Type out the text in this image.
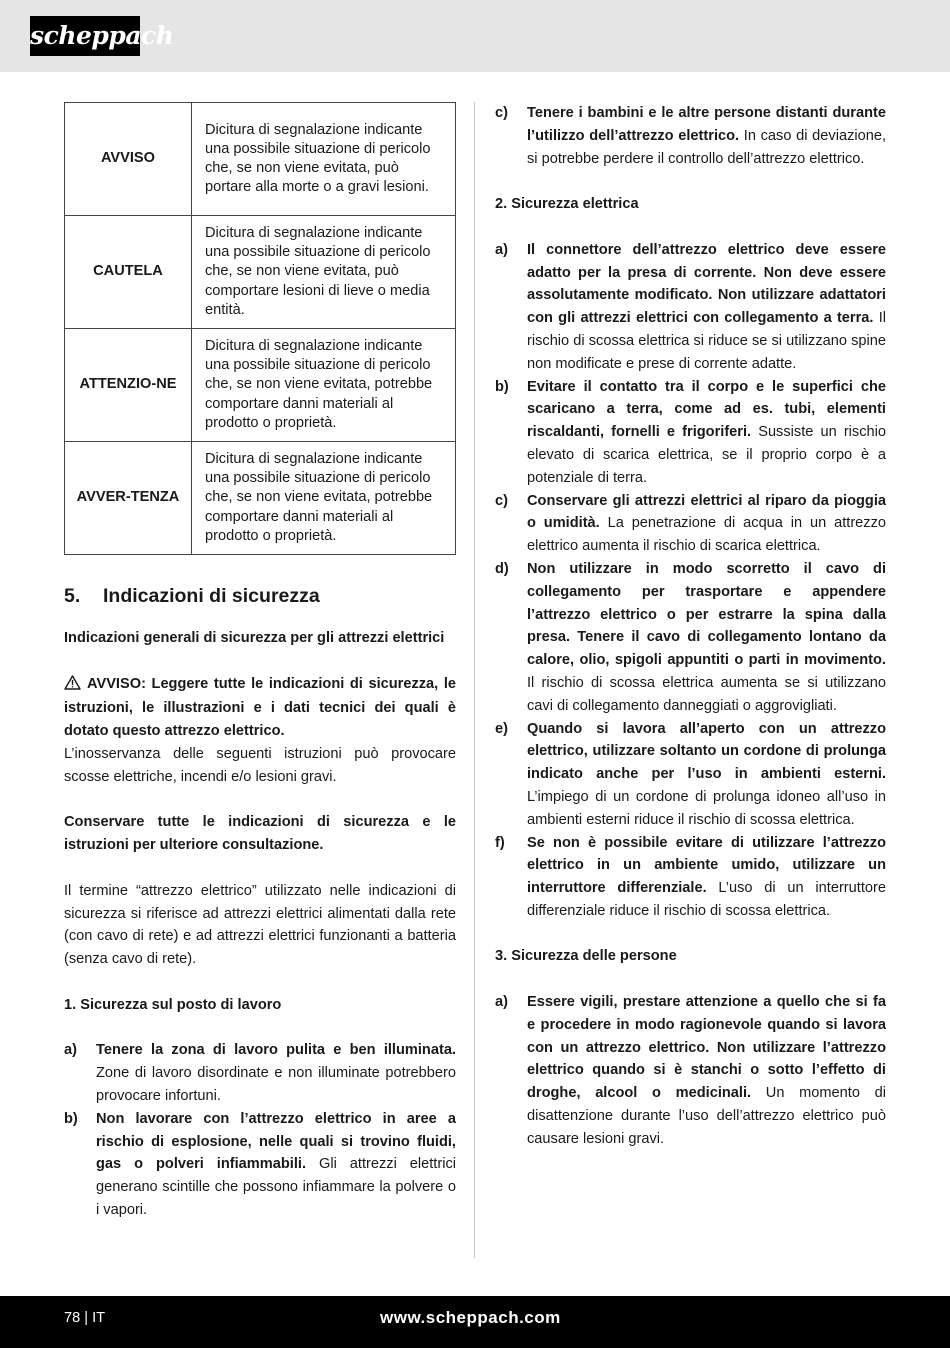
scheppach
AVVISO	Dicitura di segnalazione indicante una possibile situazione di pericolo che, se non viene evitata, può portare alla morte o a gravi lesioni.
CAUTELA	Dicitura di segnalazione indicante una possibile situazione di pericolo che, se non viene evitata, può comportare lesioni di lieve o media entità.
ATTENZIO-NE	Dicitura di segnalazione indicante una possibile situazione di pericolo che, se non viene evitata, potrebbe comportare danni materiali al prodotto o proprietà.
AVVER-TENZA	Dicitura di segnalazione indicante una possibile situazione di pericolo che, se non viene evitata, potrebbe comportare danni materiali al prodotto o proprietà.
5. Indicazioni di sicurezza

Indicazioni generali di sicurezza per gli attrezzi elettrici

AVVISO: Leggere tutte le indicazioni di sicurezza, le istruzioni, le illustrazioni e i dati tecnici dei quali è dotato questo attrezzo elettrico.

L’inosservanza delle seguenti istruzioni può provocare scosse elettriche, incendi e/o lesioni gravi.

Conservare tutte le indicazioni di sicurezza e le istruzioni per ulteriore consultazione.

Il termine “attrezzo elettrico” utilizzato nelle indicazioni di sicurezza si riferisce ad attrezzi elettrici alimentati dalla rete (con cavo di rete) e ad attrezzi elettrici funzionanti a batteria (senza cavo di rete).

1. Sicurezza sul posto di lavoro

a)	Tenere la zona di lavoro pulita e ben illuminata. Zone di lavoro disordinate e non illuminate potrebbero provocare infortuni.
b)	Non lavorare con l’attrezzo elettrico in aree a rischio di esplosione, nelle quali si trovino fluidi, gas o polveri infiammabili. Gli attrezzi elettrici generano scintille che possono infiammare la polvere o i vapori.
c)	Tenere i bambini e le altre persone distanti durante l’utilizzo dell’attrezzo elettrico. In caso di deviazione, si potrebbe perdere il controllo dell’attrezzo elettrico.

2. Sicurezza elettrica

a)	Il connettore dell’attrezzo elettrico deve essere adatto per la presa di corrente. Non deve essere assolutamente modificato. Non utilizzare adattatori con gli attrezzi elettrici con collegamento a terra. Il rischio di scossa elettrica si riduce se si utilizzano spine non modificate e prese di corrente adatte.
b)	Evitare il contatto tra il corpo e le superfici che scaricano a terra, come ad es. tubi, elementi riscaldanti, fornelli e frigoriferi. Sussiste un rischio elevato di scarica elettrica, se il proprio corpo è a potenziale di terra.
c)	Conservare gli attrezzi elettrici al riparo da pioggia o umidità. La penetrazione di acqua in un attrezzo elettrico aumenta il rischio di scarica elettrica.
d)	Non utilizzare in modo scorretto il cavo di collegamento per trasportare e appendere l’attrezzo elettrico o per estrarre la spina dalla presa. Tenere il cavo di collegamento lontano da calore, olio, spigoli appuntiti o parti in movimento. Il rischio di scossa elettrica aumenta se si utilizzano cavi di collegamento danneggiati o aggrovigliati.
e)	Quando si lavora all’aperto con un attrezzo elettrico, utilizzare soltanto un cordone di prolunga indicato anche per l’uso in ambienti esterni. L’impiego di un cordone di prolunga idoneo all’uso in ambienti esterni riduce il rischio di scossa elettrica.
f)	Se non è possibile evitare di utilizzare l’attrezzo elettrico in un ambiente umido, utilizzare un interruttore differenziale. L’uso di un interruttore differenziale riduce il rischio di scossa elettrica.

3. Sicurezza delle persone

a)	Essere vigili, prestare attenzione a quello che si fa e procedere in modo ragionevole quando si lavora con un attrezzo elettrico. Non utilizzare l’attrezzo elettrico quando si è stanchi o sotto l’effetto di droghe, alcool o medicinali. Un momento di disattenzione durante l’uso dell’attrezzo elettrico può causare lesioni gravi.
78 | IT	www.scheppach.com
